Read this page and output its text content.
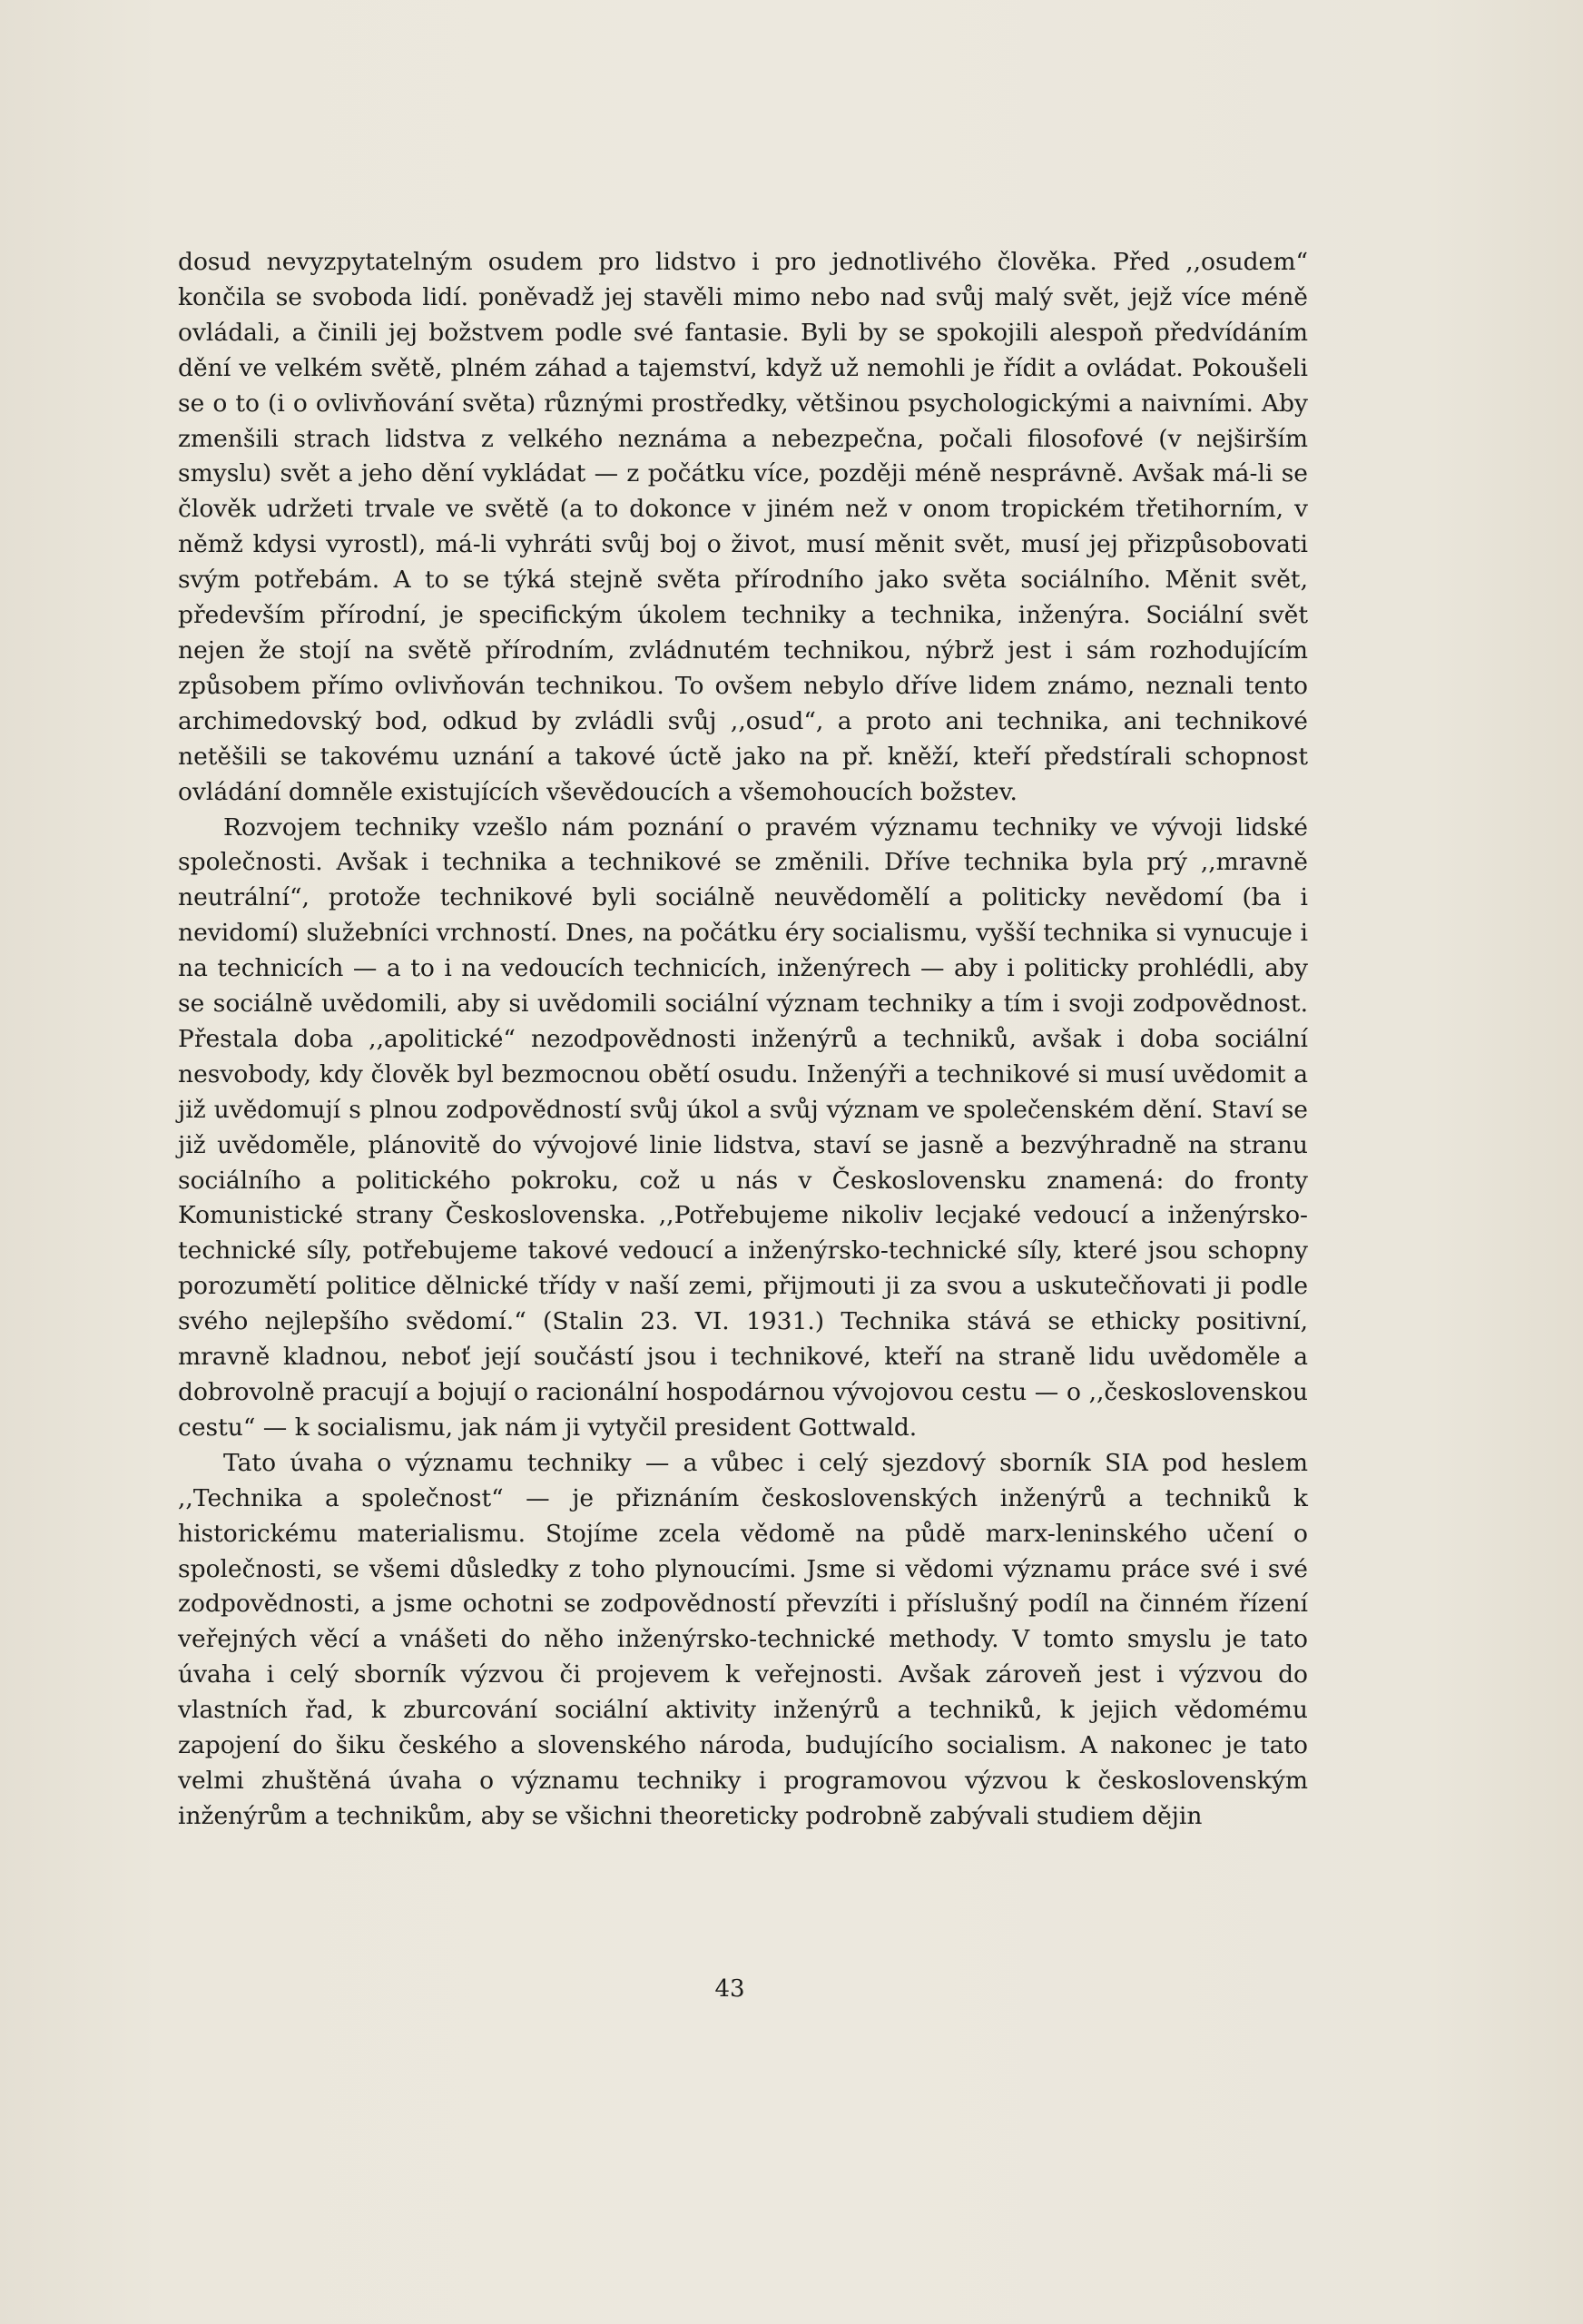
dosud nevyzpytatelným osudem pro lidstvo i pro jednotlivého člověka. Před ,,osudem“ končila se svoboda lidí. poněvadž jej stavěli mimo nebo nad svůj malý svět, jejž více méně ovládali, a činili jej božstvem podle své fantasie. Byli by se spokojili alespoň předvídáním dění ve velkém světě, plném záhad a tajemství, když už nemohli je řídit a ovládat. Pokoušeli se o to (i o ovlivňování světa) různými prostředky, většinou psychologickými a naivními. Aby zmenšili strach lidstva z velkého neznáma a nebezpečna, počali filosofové (v nejširším smyslu) svět a jeho dění vykládat — z počátku více, později méně nesprávně. Avšak má-li se člověk udržeti trvale ve světě (a to dokonce v jiném než v onom tropickém třetihorním, v němž kdysi vyrostl), má-li vyhráti svůj boj o život, musí měnit svět, musí jej přizpůsobovati svým potřebám. A to se týká stejně světa přírodního jako světa sociálního. Měnit svět, především přírodní, je specifickým úkolem techniky a technika, inženýra. Sociální svět nejen že stojí na světě přírodním, zvládnutém technikou, nýbrž jest i sám rozhodujícím způsobem přímo ovlivňován technikou. To ovšem nebylo dříve lidem známo, neznali tento archimedovský bod, odkud by zvládli svůj ,,osud“, a proto ani technika, ani technikové netěšili se takovému uznání a takové úctě jako na př. kněží, kteří předstírali schopnost ovládání domněle existujících vševědoucích a všemohoucích božstev.

Rozvojem techniky vzešlo nám poznání o pravém významu techniky ve vývoji lidské společnosti. Avšak i technika a technikové se změnili. Dříve technika byla prý ,,mravně neutrální“, protože technikové byli sociálně neuvědomělí a politicky nevědomí (ba i nevidomí) služebníci vrchností. Dnes, na počátku éry socialismu, vyšší technika si vynucuje i na technicích — a to i na vedoucích technicích, inženýrech — aby i politicky prohlédli, aby se sociálně uvědomili, aby si uvědomili sociální význam techniky a tím i svoji zodpovědnost. Přestala doba ,,apolitické“ nezodpovědnosti inženýrů a techniků, avšak i doba sociální nesvobody, kdy člověk byl bezmocnou obětí osudu. Inženýři a technikové si musí uvědomit a již uvědomují s plnou zodpovědností svůj úkol a svůj význam ve společenském dění. Staví se již uvědoměle, plánovitě do vývojové linie lidstva, staví se jasně a bezvýhradně na stranu sociálního a politického pokroku, což u nás v Československu znamená: do fronty Komunistické strany Československa. ,,Potřebujeme nikoliv lecjaké vedoucí a inženýrsko-technické síly, potřebujeme takové vedoucí a inženýrsko-technické síly, které jsou schopny porozumětí politice dělnické třídy v naší zemi, přijmouti ji za svou a uskutečňovati ji podle svého nejlepšího svědomí.“ (Stalin 23. VI. 1931.) Technika stává se ethicky positivní, mravně kladnou, neboť její součástí jsou i technikové, kteří na straně lidu uvědoměle a dobrovolně pracují a bojují o racionální hospodárnou vývojovou cestu — o ,,československou cestu“ — k socialismu, jak nám ji vytyčil president Gottwald.

Tato úvaha o významu techniky — a vůbec i celý sjezdový sborník SIA pod heslem ,,Technika a společnost“ — je přiznáním československých inženýrů a techniků k historickému materialismu. Stojíme zcela vědomě na půdě marx-leninského učení o společnosti, se všemi důsledky z toho plynoucími. Jsme si vědomi významu práce své i své zodpovědnosti, a jsme ochotni se zodpovědností převzíti i příslušný podíl na činném řízení veřejných věcí a vnášeti do něho inženýrsko-technické methody. V tomto smyslu je tato úvaha i celý sborník výzvou či projevem k veřejnosti. Avšak zároveň jest i výzvou do vlastních řad, k zburcování sociální aktivity inženýrů a techniků, k jejich vědomému zapojení do šiku českého a slovenského národa, budujícího socialism. A nakonec je tato velmi zhuštěná úvaha o významu techniky i programovou výzvou k československým inženýrům a technikům, aby se všichni theoreticky podrobně zabývali studiem dějin

43
